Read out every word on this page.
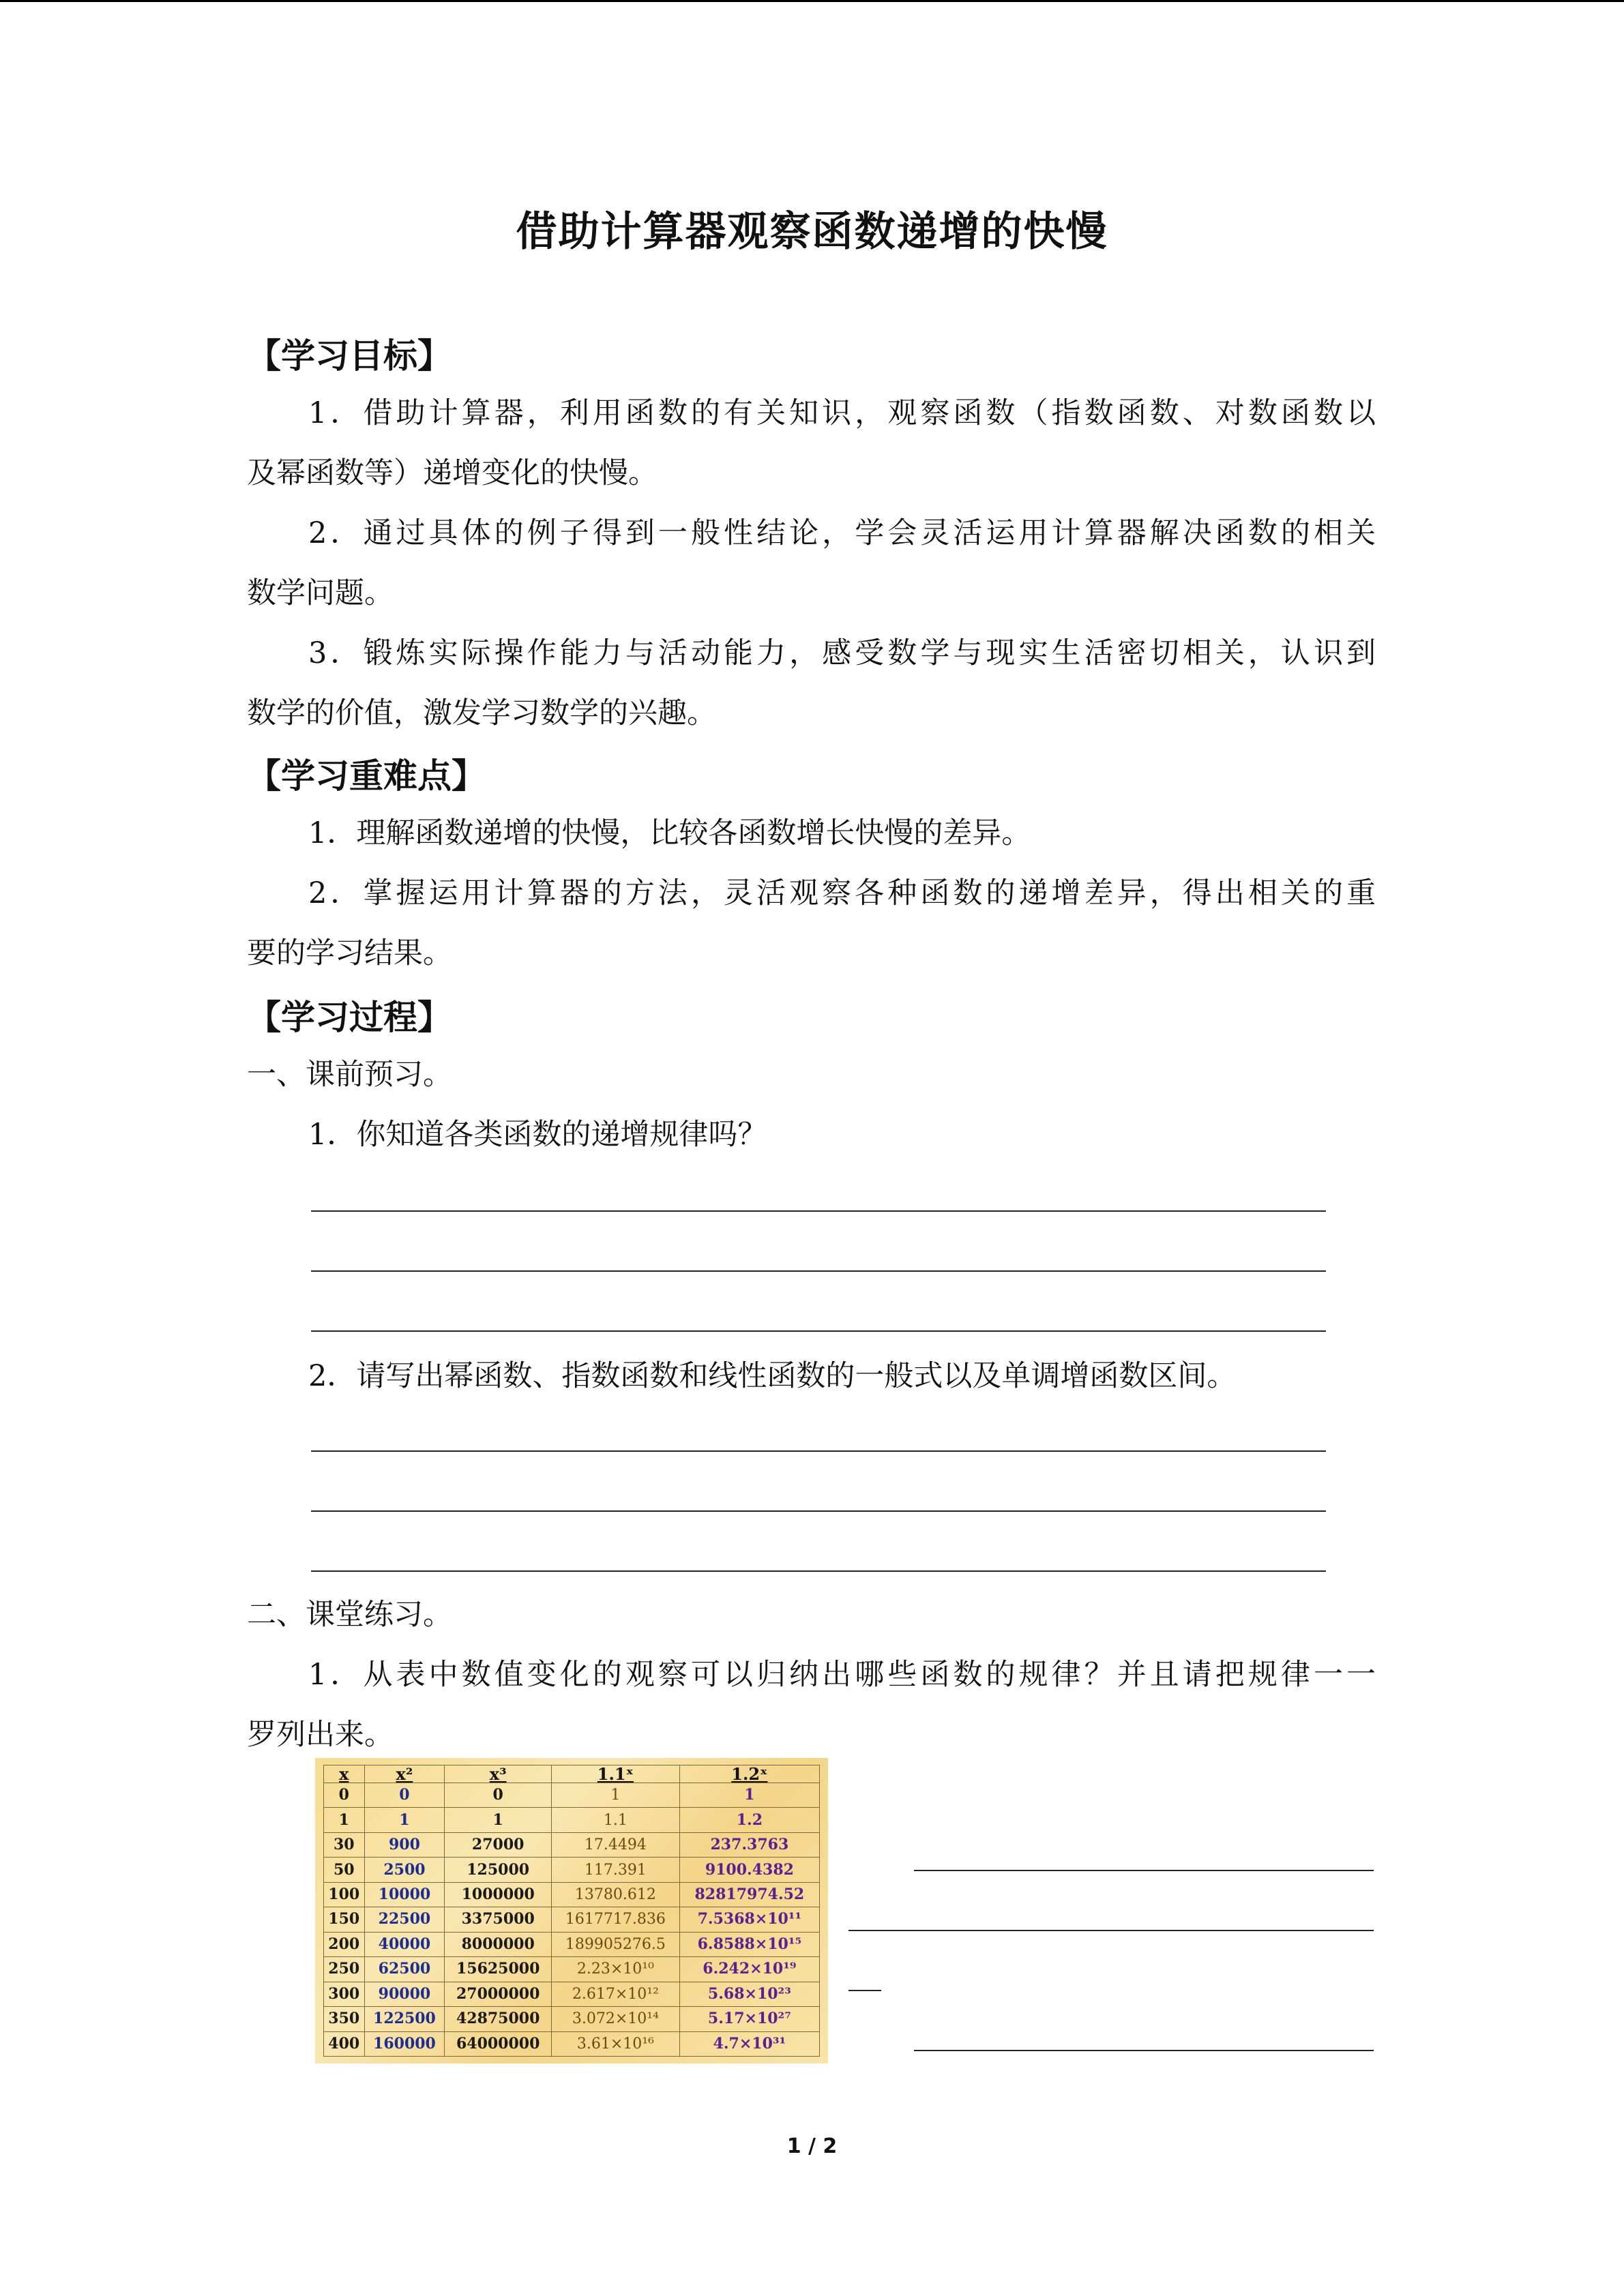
借助计算器观察函数递增的快慢
【学习目标】
1．借助计算器，利用函数的有关知识，观察函数（指数函数、对数函数以
及幂函数等）递增变化的快慢。
2．通过具体的例子得到一般性结论，学会灵活运用计算器解决函数的相关
数学问题。
3．锻炼实际操作能力与活动能力，感受数学与现实生活密切相关，认识到
数学的价值，激发学习数学的兴趣。
【学习重难点】
1．理解函数递增的快慢，比较各函数增长快慢的差异。
2．掌握运用计算器的方法，灵活观察各种函数的递增差异，得出相关的重
要的学习结果。
【学习过程】
一、课前预习。
1．你知道各类函数的递增规律吗？
2．请写出幂函数、指数函数和线性函数的一般式以及单调增函数区间。
二、课堂练习。
1．从表中数值变化的观察可以归纳出哪些函数的规律？并且请把规律一一
罗列出来。
x	x²	x³	1.1ˣ	1.2ˣ
0	0	0	1	1
1	1	1	1.1	1.2
30	900	27000	17.4494	237.3763
50	2500	125000	117.391	9100.4382
100	10000	1000000	13780.612	82817974.52
150	22500	3375000	1617717.836	7.5368×10¹¹
200	40000	8000000	189905276.5	6.8588×10¹⁵
250	62500	15625000	2.23×10¹⁰	6.242×10¹⁹
300	90000	27000000	2.617×10¹²	5.68×10²³
350	122500	42875000	3.072×10¹⁴	5.17×10²⁷
400	160000	64000000	3.61×10¹⁶	4.7×10³¹
1 / 2
